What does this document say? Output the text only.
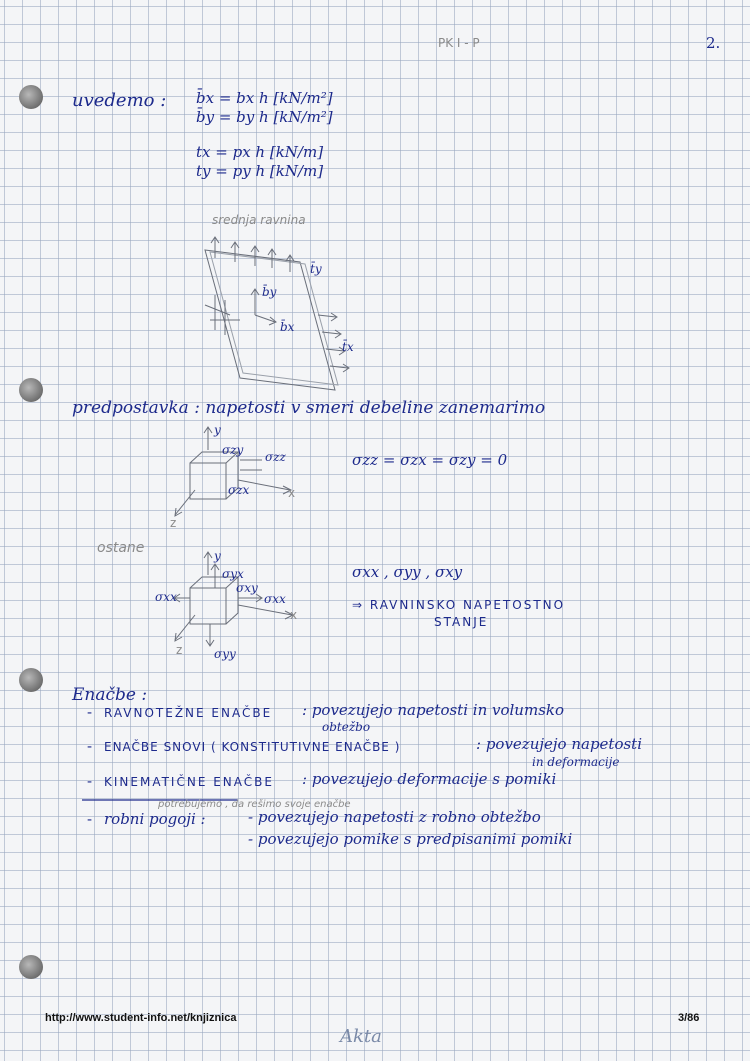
PK I - P	2.
uvedemo : b̄x = bx h [kN/m²]
b̄y = by h [kN/m²]
tx = px h [kN/m]
ty = py h [kN/m]
srednja ravnina
t̄y
b̄y
b̄x
t̄x
predpostavka : napetosti v smeri debeline zanemarimo
y
σzy σzz
σzx	x
z
σzz = σzx = σzy = 0
ostane	y
σyx
σxx
σxy
σxx
x
z	σyy
σxx , σyy , σxy
⇒ RAVNINSKO NAPETOSTNO
STANJE
Enačbe :
- RAVNOTEŽNE ENAČBE : povezujejo napetosti in volumsko
obtežbo
- ENAČBE SNOVI ( KONSTITUTIVNE ENAČBE )	: povezujejo napetosti
in deformacije
- KINEMATIČNE ENAČBE : povezujejo deformacije s pomiki
potrebujemo , da rešimo svoje enačbe
- robni pogoji :	- povezujejo napetosti z robno obtežbo
- povezujejo pomike s predpisanimi pomiki
http://www.student-info.net/knjiznica	3/86
Akta
